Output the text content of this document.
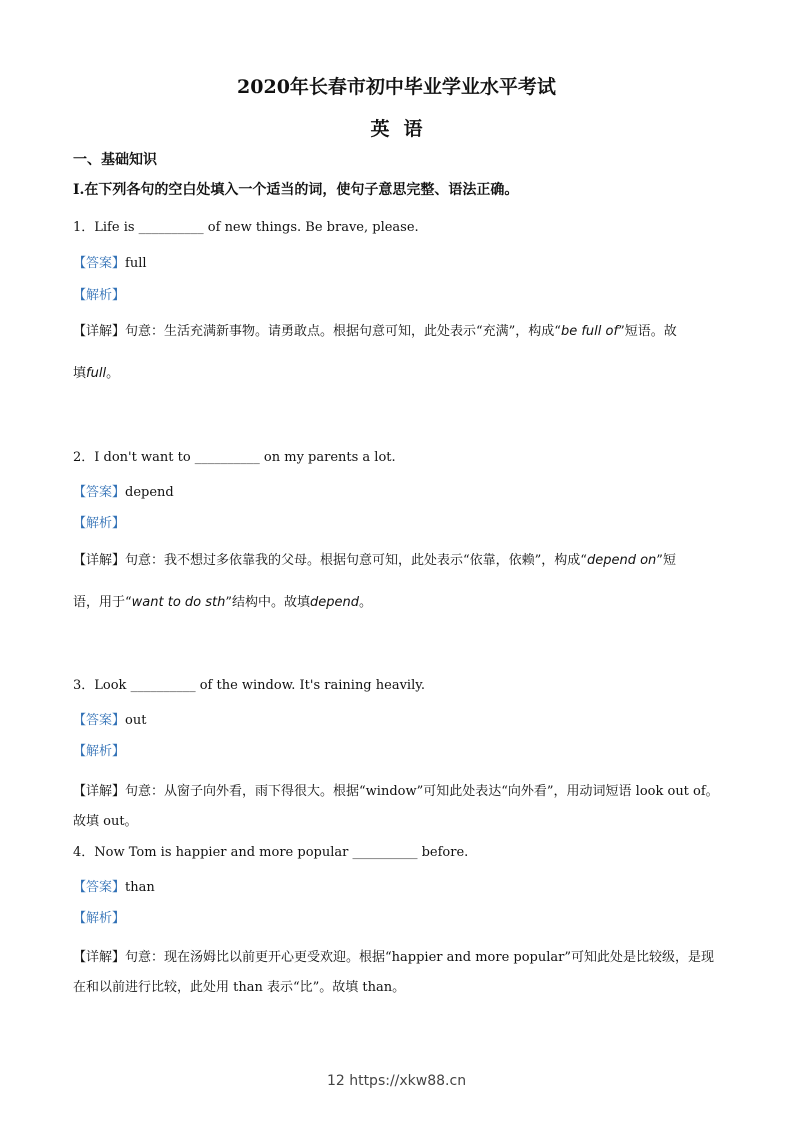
2020年长春市初中毕业学业水平考试
英语
一、基础知识
I.在下列各句的空白处填入一个适当的词，使句子意思完整、语法正确。
1．Life is __________ of new things. Be brave, please.
【答案】full
【解析】
【详解】句意：生活充满新事物。请勇敢点。根据句意可知，此处表示“充满”，构成“be full of”短语。故
填full。
2．I don't want to __________ on my parents a lot.
【答案】depend
【解析】
【详解】句意：我不想过多依靠我的父母。根据句意可知，此处表示“依靠，依赖”，构成“depend on”短
语，用于“want to do sth”结构中。故填depend。
3．Look __________ of the window. It's raining heavily.
【答案】out
【解析】
【详解】句意：从窗子向外看，雨下得很大。根据“window”可知此处表达“向外看”，用动词短语 look out of。故填 out。
4．Now Tom is happier and more popular __________ before.
【答案】than
【解析】
【详解】句意：现在汤姆比以前更开心更受欢迎。根据“happier and more popular”可知此处是比较级，是现在和以前进行比较，此处用 than 表示“比”。故填 than。
12 https://xkw88.cn
